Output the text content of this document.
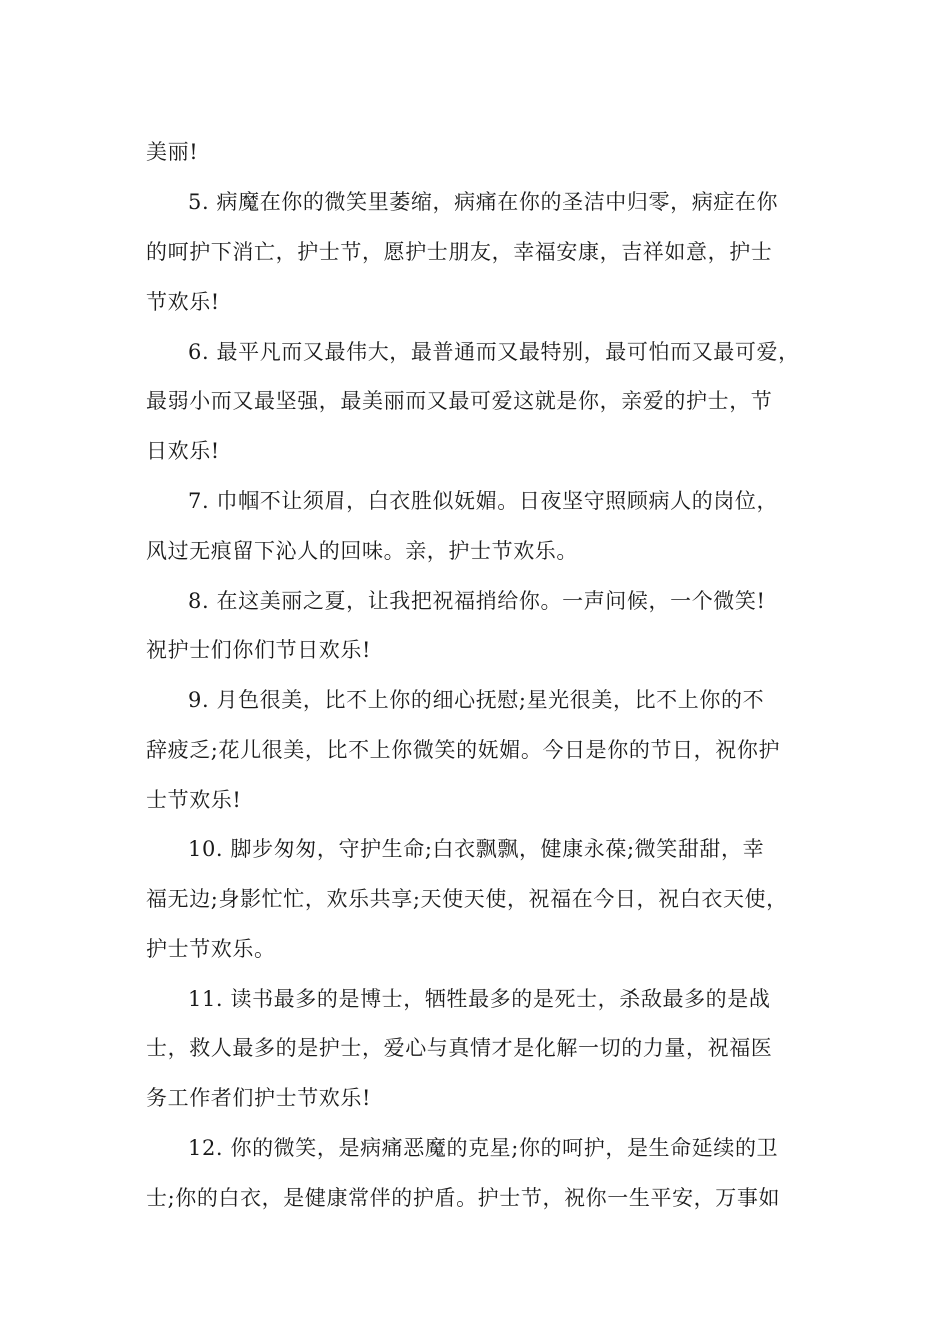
美丽!
5. 病魔在你的微笑里萎缩，病痛在你的圣洁中归零，病症在你
的呵护下消亡，护士节，愿护士朋友，幸福安康，吉祥如意，护士
节欢乐!
6. 最平凡而又最伟大，最普通而又最特别，最可怕而又最可爱，
最弱小而又最坚强，最美丽而又最可爱这就是你，亲爱的护士，节
日欢乐!
7. 巾帼不让须眉，白衣胜似妩媚。日夜坚守照顾病人的岗位，
风过无痕留下沁人的回味。亲，护士节欢乐。
8. 在这美丽之夏，让我把祝福捎给你。一声问候，一个微笑!
祝护士们你们节日欢乐!
9. 月色很美，比不上你的细心抚慰;星光很美，比不上你的不
辞疲乏;花儿很美，比不上你微笑的妩媚。今日是你的节日，祝你护
士节欢乐!
10. 脚步匆匆，守护生命;白衣飘飘，健康永葆;微笑甜甜，幸
福无边;身影忙忙，欢乐共享;天使天使，祝福在今日，祝白衣天使，
护士节欢乐。
11. 读书最多的是博士，牺牲最多的是死士，杀敌最多的是战
士，救人最多的是护士，爱心与真情才是化解一切的力量，祝福医
务工作者们护士节欢乐!
12. 你的微笑，是病痛恶魔的克星;你的呵护，是生命延续的卫
士;你的白衣，是健康常伴的护盾。护士节，祝你一生平安，万事如
